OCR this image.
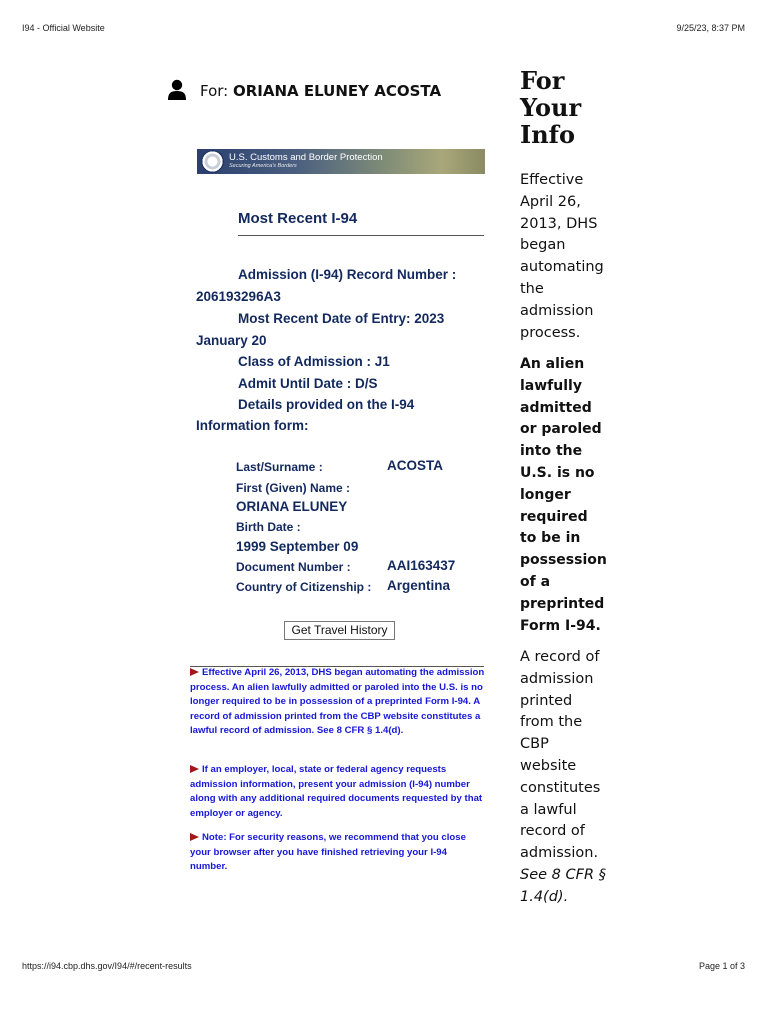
I94 - Official Website	9/25/23, 8:37 PM
https://i94.cbp.dhs.gov/I94/#/recent-results	Page 1 of 3
For: ORIANA ELUNEY ACOSTA
U.S. Customs and Border Protection
Securing America's Borders
Most Recent I-94
Admission (I-94) Record Number :
206193296A3
Most Recent Date of Entry: 2023
January 20
Class of Admission : J1
Admit Until Date : D/S
Details provided on the I-94
Information form:
Last/Surname :	ACOSTA
First (Given) Name :
ORIANA ELUNEY
Birth Date :
1999 September 09
Document Number :	AAI163437
Country of Citizenship : Argentina
Get Travel History
Effective April 26, 2013, DHS began automating the admission process. An alien lawfully admitted or paroled into the U.S. is no longer required to be in possession of a preprinted Form I-94. A record of admission printed from the CBP website constitutes a lawful record of admission. See 8 CFR § 1.4(d).
If an employer, local, state or federal agency requests admission information, present your admission (I-94) number along with any additional required documents requested by that employer or agency.
Note: For security reasons, we recommend that you close your browser after you have finished retrieving your I-94 number.
For Your Info
Effective April 26, 2013, DHS began automating the admission process.
An alien lawfully admitted or paroled into the U.S. is no longer required to be in possession of a preprinted Form I-94.
A record of admission printed from the CBP website constitutes a lawful record of admission. See 8 CFR § 1.4(d).
